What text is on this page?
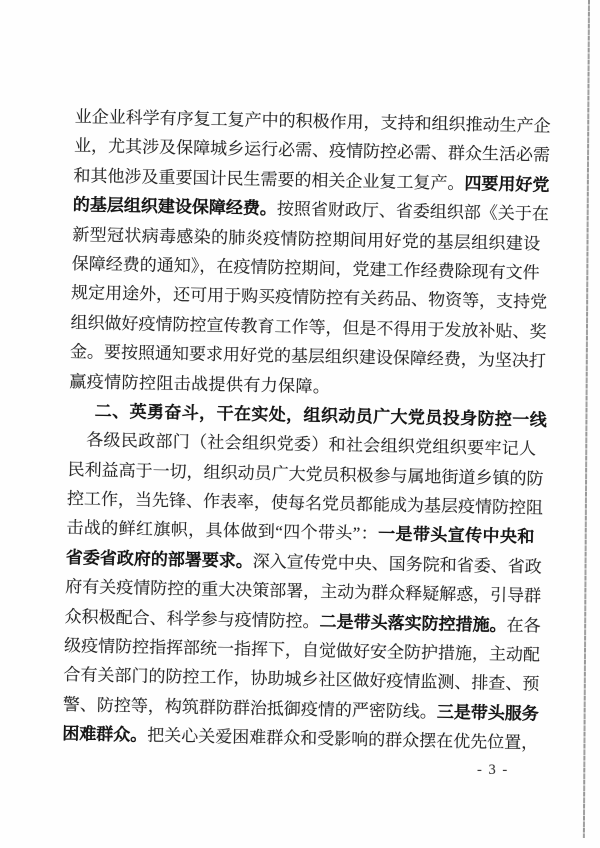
业企业科学有序复工复产中的积极作用，支持和组织推动生产企
业，尤其涉及保障城乡运行必需、疫情防控必需、群众生活必需
和其他涉及重要国计民生需要的相关企业复工复产。四要用好党
的基层组织建设保障经费。按照省财政厅、省委组织部《关于在
新型冠状病毒感染的肺炎疫情防控期间用好党的基层组织建设
保障经费的通知》，在疫情防控期间，党建工作经费除现有文件
规定用途外，还可用于购买疫情防控有关药品、物资等，支持党
组织做好疫情防控宣传教育工作等，但是不得用于发放补贴、奖
金。要按照通知要求用好党的基层组织建设保障经费，为坚决打
赢疫情防控阻击战提供有力保障。
二、英勇奋斗，干在实处，组织动员广大党员投身防控一线
各级民政部门（社会组织党委）和社会组织党组织要牢记人
民利益高于一切，组织动员广大党员积极参与属地街道乡镇的防
控工作，当先锋、作表率，使每名党员都能成为基层疫情防控阻
击战的鲜红旗帜，具体做到“四个带头”：一是带头宣传中央和
省委省政府的部署要求。深入宣传党中央、国务院和省委、省政
府有关疫情防控的重大决策部署，主动为群众释疑解惑，引导群
众积极配合、科学参与疫情防控。二是带头落实防控措施。在各
级疫情防控指挥部统一指挥下，自觉做好安全防护措施，主动配
合有关部门的防控工作，协助城乡社区做好疫情监测、排查、预
警、防控等，构筑群防群治抵御疫情的严密防线。三是带头服务
困难群众。把关心关爱困难群众和受影响的群众摆在优先位置，
- 3 -
